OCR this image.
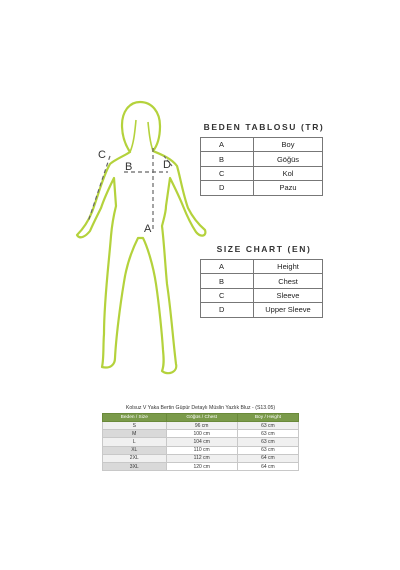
C
B	D
A
BEDEN TABLOSU (TR)
A	Boy
B	Göğüs
C	Kol
D	Pazu
SIZE CHART (EN)
A	Height
B	Chest
C	Sleeve
D	Upper Sleeve
Kolsuz V Yaka Bertin Güpür Detaylı Müslin Yazlık Bluz - (S13.05)
Beden / Size	Göğüs / Chest	Boy / Height
S	96 cm	63 cm
M	100 cm	63 cm
L	104 cm	63 cm
XL	110 cm	63 cm
2XL	112 cm	64 cm
3XL	120 cm	64 cm
